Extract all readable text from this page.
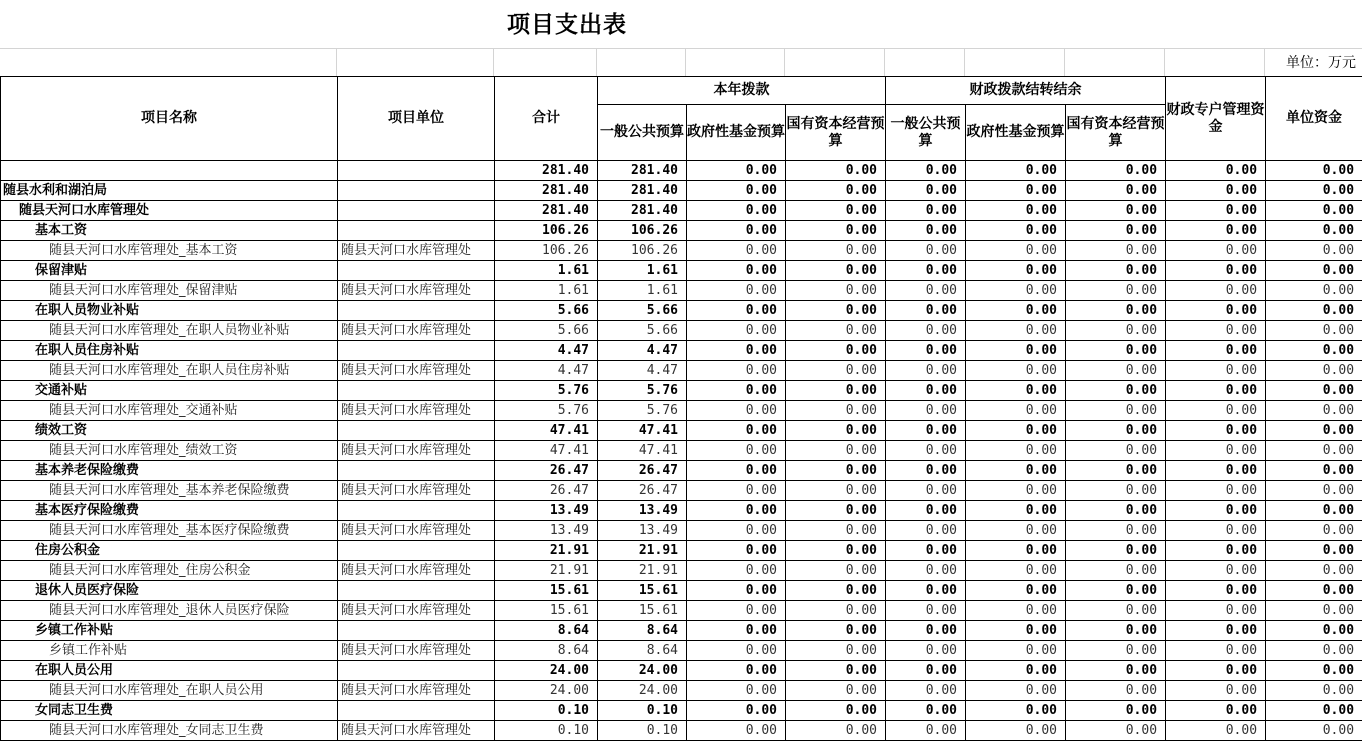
项目支出表
单位：万元
项目名称	项目单位	合计	本年拨款			财政拨款结转结余			财政专户管理资金	单位资金
			一般公共预算	政府性基金预算	国有资本经营预算	一般公共预算	政府性基金预算	国有资本经营预算		
		281.40	281.40	0.00	0.00	0.00	0.00	0.00	0.00	0.00
随县水利和湖泊局		281.40	281.40	0.00	0.00	0.00	0.00	0.00	0.00	0.00
随县天河口水库管理处		281.40	281.40	0.00	0.00	0.00	0.00	0.00	0.00	0.00
基本工资		106.26	106.26	0.00	0.00	0.00	0.00	0.00	0.00	0.00
随县天河口水库管理处_基本工资	随县天河口水库管理处	106.26	106.26	0.00	0.00	0.00	0.00	0.00	0.00	0.00
保留津贴		1.61	1.61	0.00	0.00	0.00	0.00	0.00	0.00	0.00
随县天河口水库管理处_保留津贴	随县天河口水库管理处	1.61	1.61	0.00	0.00	0.00	0.00	0.00	0.00	0.00
在职人员物业补贴		5.66	5.66	0.00	0.00	0.00	0.00	0.00	0.00	0.00
随县天河口水库管理处_在职人员物业补贴	随县天河口水库管理处	5.66	5.66	0.00	0.00	0.00	0.00	0.00	0.00	0.00
在职人员住房补贴		4.47	4.47	0.00	0.00	0.00	0.00	0.00	0.00	0.00
随县天河口水库管理处_在职人员住房补贴	随县天河口水库管理处	4.47	4.47	0.00	0.00	0.00	0.00	0.00	0.00	0.00
交通补贴		5.76	5.76	0.00	0.00	0.00	0.00	0.00	0.00	0.00
随县天河口水库管理处_交通补贴	随县天河口水库管理处	5.76	5.76	0.00	0.00	0.00	0.00	0.00	0.00	0.00
绩效工资		47.41	47.41	0.00	0.00	0.00	0.00	0.00	0.00	0.00
随县天河口水库管理处_绩效工资	随县天河口水库管理处	47.41	47.41	0.00	0.00	0.00	0.00	0.00	0.00	0.00
基本养老保险缴费		26.47	26.47	0.00	0.00	0.00	0.00	0.00	0.00	0.00
随县天河口水库管理处_基本养老保险缴费	随县天河口水库管理处	26.47	26.47	0.00	0.00	0.00	0.00	0.00	0.00	0.00
基本医疗保险缴费		13.49	13.49	0.00	0.00	0.00	0.00	0.00	0.00	0.00
随县天河口水库管理处_基本医疗保险缴费	随县天河口水库管理处	13.49	13.49	0.00	0.00	0.00	0.00	0.00	0.00	0.00
住房公积金		21.91	21.91	0.00	0.00	0.00	0.00	0.00	0.00	0.00
随县天河口水库管理处_住房公积金	随县天河口水库管理处	21.91	21.91	0.00	0.00	0.00	0.00	0.00	0.00	0.00
退休人员医疗保险		15.61	15.61	0.00	0.00	0.00	0.00	0.00	0.00	0.00
随县天河口水库管理处_退休人员医疗保险	随县天河口水库管理处	15.61	15.61	0.00	0.00	0.00	0.00	0.00	0.00	0.00
乡镇工作补贴		8.64	8.64	0.00	0.00	0.00	0.00	0.00	0.00	0.00
乡镇工作补贴	随县天河口水库管理处	8.64	8.64	0.00	0.00	0.00	0.00	0.00	0.00	0.00
在职人员公用		24.00	24.00	0.00	0.00	0.00	0.00	0.00	0.00	0.00
随县天河口水库管理处_在职人员公用	随县天河口水库管理处	24.00	24.00	0.00	0.00	0.00	0.00	0.00	0.00	0.00
女同志卫生费		0.10	0.10	0.00	0.00	0.00	0.00	0.00	0.00	0.00
随县天河口水库管理处_女同志卫生费	随县天河口水库管理处	0.10	0.10	0.00	0.00	0.00	0.00	0.00	0.00	0.00
